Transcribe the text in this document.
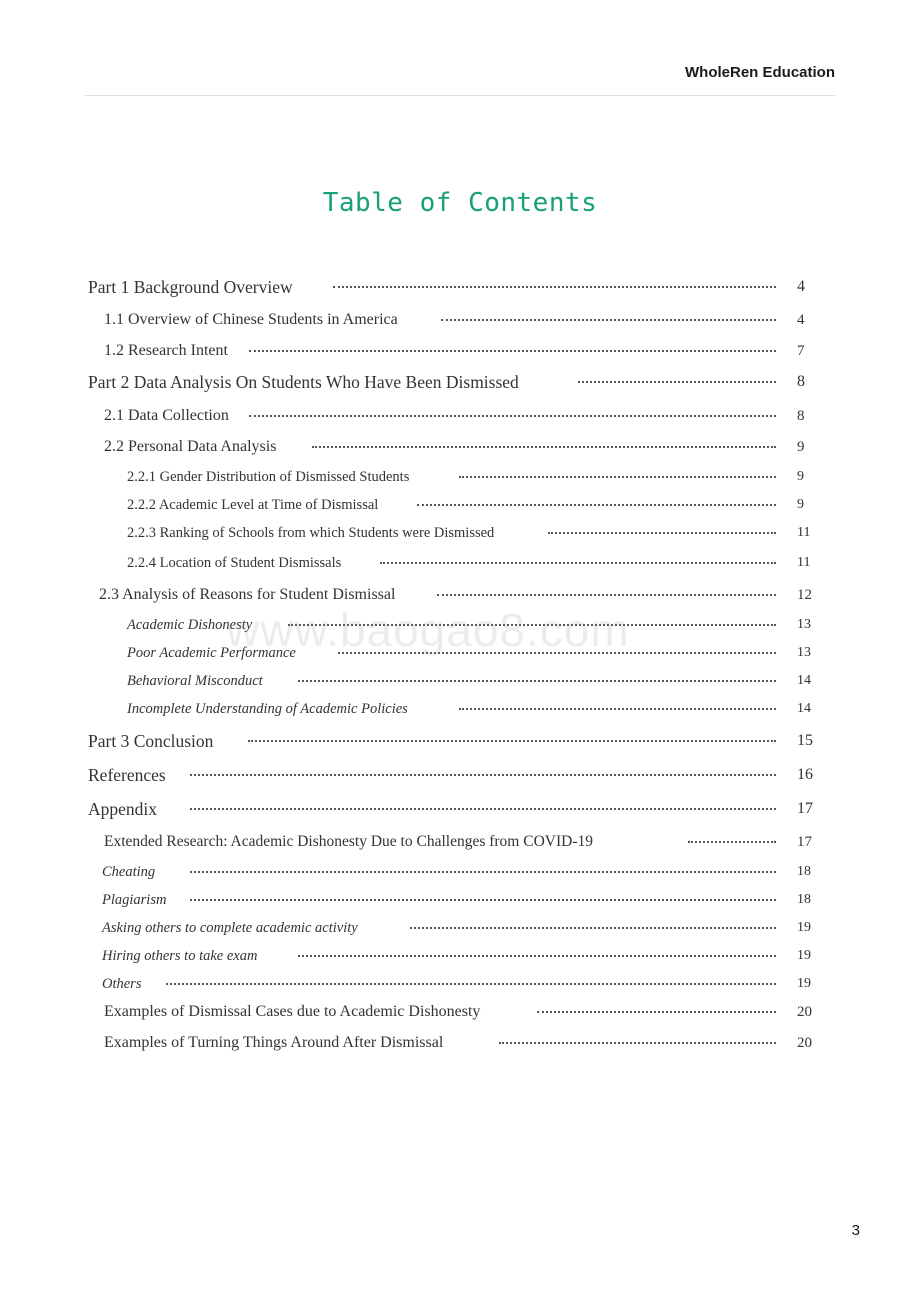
WholeRen Education
Table of Contents
Part 1 Background Overview	4
1.1 Overview of Chinese Students in America	4
1.2 Research Intent	7
Part 2 Data Analysis On Students Who Have Been Dismissed	8
2.1 Data Collection	8
2.2 Personal Data Analysis	9
2.2.1 Gender Distribution of Dismissed Students	9
2.2.2 Academic Level at Time of Dismissal	9
2.2.3 Ranking of Schools from which Students were Dismissed	11
2.2.4 Location of Student Dismissals	11
2.3 Analysis of Reasons for Student Dismissal	12
Academic Dishonesty	13
Poor Academic Performance	13
Behavioral Misconduct	14
Incomplete Understanding of Academic Policies	14
Part 3 Conclusion	15
References	16
Appendix	17
Extended Research: Academic Dishonesty Due to Challenges from COVID-19	17
Cheating	18
Plagiarism	18
Asking others to complete academic activity	19
Hiring others to take exam	19
Others	19
Examples of Dismissal Cases due to Academic Dishonesty	20
Examples of Turning Things Around After Dismissal	20
www.baogao8.com
3
